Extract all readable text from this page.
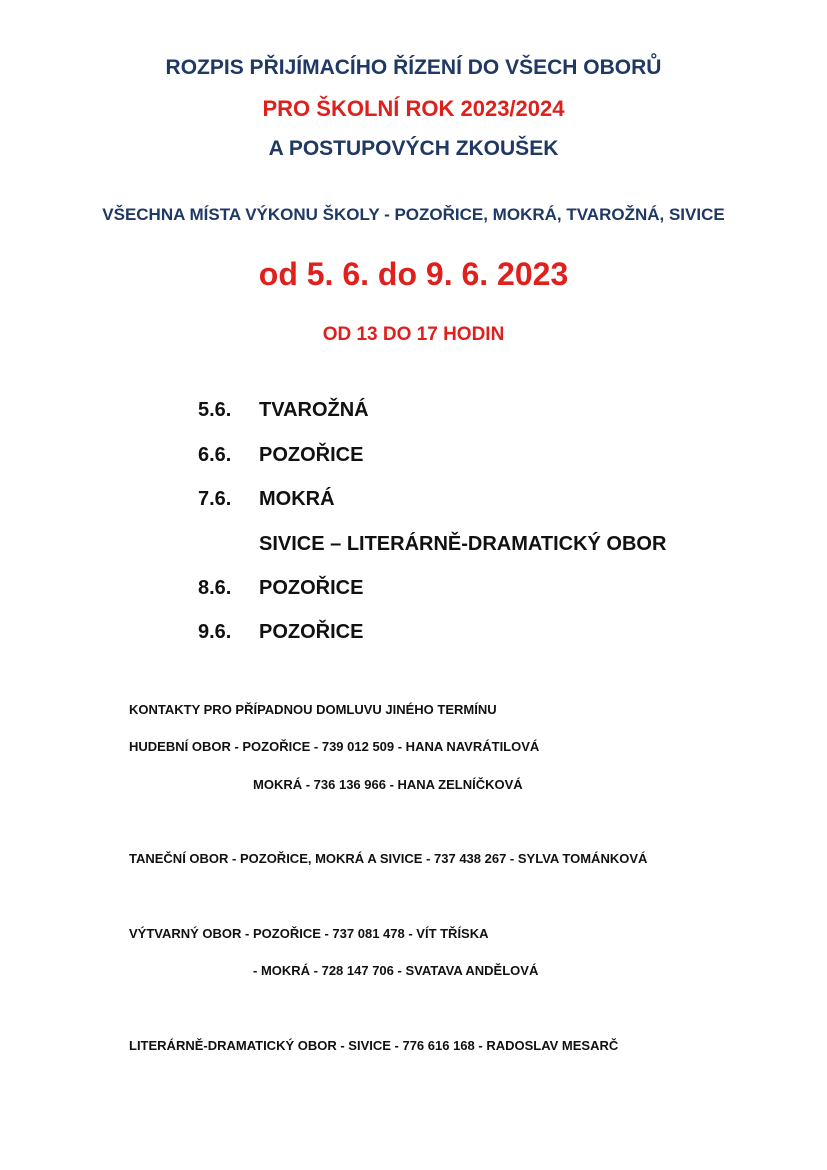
ROZPIS PŘIJÍMACÍHO ŘÍZENÍ DO VŠECH OBORŮ
PRO ŠKOLNÍ ROK 2023/2024
A POSTUPOVÝCH ZKOUŠEK
VŠECHNA MÍSTA VÝKONU ŠKOLY - POZOŘICE, MOKRÁ, TVAROŽNÁ, SIVICE
od 5. 6. do 9. 6. 2023
OD 13 DO 17 HODIN
5.6. TVAROŽNÁ
6.6. POZOŘICE
7.6. MOKRÁ
SIVICE – LITERÁRNĚ-DRAMATICKÝ OBOR
8.6. POZOŘICE
9.6. POZOŘICE
KONTAKTY PRO PŘÍPADNOU DOMLUVU JINÉHO TERMÍNU
HUDEBNÍ OBOR - POZOŘICE - 739 012 509 - HANA NAVRÁTILOVÁ
MOKRÁ - 736 136 966 - HANA ZELNÍČKOVÁ
TANEČNÍ OBOR - POZOŘICE, MOKRÁ A SIVICE - 737 438 267 - SYLVA TOMÁNKOVÁ
VÝTVARNÝ OBOR - POZOŘICE - 737 081 478 - VÍT TŘÍSKA
- MOKRÁ - 728 147 706 - SVATAVA ANDĚLOVÁ
LITERÁRNĚ-DRAMATICKÝ OBOR - SIVICE - 776 616 168 - RADOSLAV MESARČ
